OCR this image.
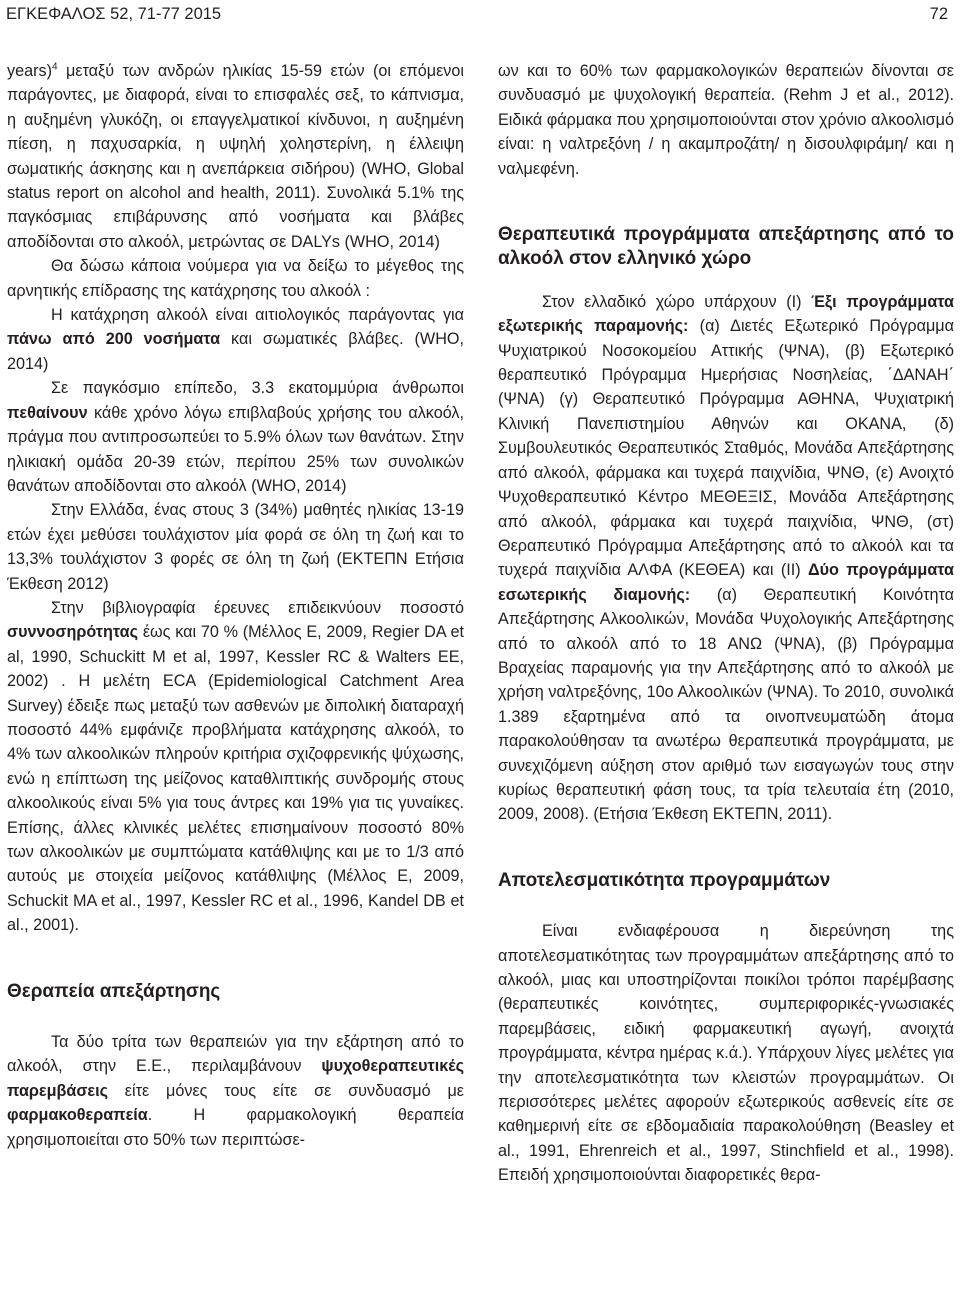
ΕΓΚΕΦΑΛΟΣ 52, 71-77 2015	72

years)$^4$ μεταξύ των ανδρών ηλικίας 15-59 ετών (οι επόμενοι παράγοντες, με διαφορά, είναι το επισφαλές σεξ, το κάπνισμα, η αυξημένη γλυκόζη, οι επαγγελματικοί κίνδυνοι, η αυξημένη πίεση, η παχυσαρκία, η υψηλή χοληστερίνη, η έλλειψη σωματικής άσκησης και η ανεπάρκεια σιδήρου) (WHO, Global status report on alcohol and health, 2011). Συνολικά 5.1% της παγκόσμιας επιβάρυνσης από νοσήματα και βλάβες αποδίδονται στο αλκοόλ, μετρώντας σε DALYs (WHO, 2014)

Θα δώσω κάποια νούμερα για να δείξω το μέγεθος της αρνητικής επίδρασης της κατάχρησης του αλκοόλ :

Η κατάχρηση αλκοόλ είναι αιτιολογικός παράγοντας για πάνω από 200 νοσήματα και σωματικές βλάβες. (WHO, 2014)

Σε παγκόσμιο επίπεδο, 3.3 εκατομμύρια άνθρωποι πεθαίνουν κάθε χρόνο λόγω επιβλαβούς χρήσης του αλκοόλ, πράγμα που αντιπροσωπεύει το 5.9% όλων των θανάτων. Στην ηλικιακή ομάδα 20-39 ετών, περίπου 25% των συνολικών θανάτων αποδίδονται στο αλκοόλ (WHO, 2014)

Στην Ελλάδα, ένας στους 3 (34%) μαθητές ηλικίας 13-19 ετών έχει μεθύσει τουλάχιστον μία φορά σε όλη τη ζωή και το 13,3% τουλάχιστον 3 φορές σε όλη τη ζωή (ΕΚΤΕΠΝ Ετήσια Έκθεση 2012)

Στην βιβλιογραφία έρευνες επιδεικνύουν ποσοστό συννοσηρότητας έως και 70 % (Μέλλος Ε, 2009, Regier DA et al, 1990, Schuckitt M et al, 1997, Kessler RC & Walters EE, 2002) . Η μελέτη ECA (Epidemiological Catchment Area Survey) έδειξε πως μεταξύ των ασθενών με διπολική διαταραχή ποσοστό 44% εμφάνιζε προβλήματα κατάχρησης αλκοόλ, το 4% των αλκοολικών πληρούν κριτήρια σχιζοφρενικής ψύχωσης, ενώ η επίπτωση της μείζονος καταθλιπτικής συνδρομής στους αλκοολικούς είναι 5% για τους άντρες και 19% για τις γυναίκες. Επίσης, άλλες κλινικές μελέτες επισημαίνουν ποσοστό 80% των αλκοολικών με συμπτώματα κατάθλιψης και με το 1/3 από αυτούς με στοιχεία μείζονος κατάθλιψης (Μέλλος Ε, 2009, Schuckit MA et al., 1997, Kessler RC et al., 1996, Kandel DB et al., 2001).

Θεραπεία απεξάρτησης

Τα δύο τρίτα των θεραπειών για την εξάρτηση από το αλκοόλ, στην Ε.Ε., περιλαμβάνουν ψυχοθεραπευτικές παρεμβάσεις είτε μόνες τους είτε σε συνδυασμό με φαρμακοθεραπεία. Η φαρμακολογική θεραπεία χρησιμοποιείται στο 50% των περιπτώσε-

ων και το 60% των φαρμακολογικών θεραπειών δίνονται σε συνδυασμό με ψυχολογική θεραπεία. (Rehm J et al., 2012). Ειδικά φάρμακα που χρησιμοποιούνται στον χρόνιο αλκοολισμό είναι: η ναλτρεξόνη / η ακαμπροζάτη/ η δισουλφιράμη/ και η ναλμεφένη.

Θεραπευτικά προγράμματα απεξάρτησης από το αλκοόλ στον ελληνικό χώρο

Στον ελλαδικό χώρο υπάρχουν (Ι) Έξι προγράμματα εξωτερικής παραμονής: (α) Διετές Εξωτερικό Πρόγραμμα Ψυχιατρικού Νοσοκομείου Αττικής (ΨΝΑ), (β) Εξωτερικό θεραπευτικό Πρόγραμμα Ημερήσιας Νοσηλείας, ΄ΔΑΝΑΗ΄ (ΨΝΑ) (γ) Θεραπευτικό Πρόγραμμα ΑΘΗΝΑ, Ψυχιατρική Κλινική Πανεπιστημίου Αθηνών και ΟΚΑΝΑ, (δ) Συμβουλευτικός Θεραπευτικός Σταθμός, Μονάδα Απεξάρτησης από αλκοόλ, φάρμακα και τυχερά παιχνίδια, ΨΝΘ, (ε) Ανοιχτό Ψυχοθεραπευτικό Κέντρο ΜΕΘΕΞΙΣ, Μονάδα Απεξάρτησης από αλκοόλ, φάρμακα και τυχερά παιχνίδια, ΨΝΘ, (στ) Θεραπευτικό Πρόγραμμα Απεξάρτησης από το αλκοόλ και τα τυχερά παιχνίδια ΑΛΦΑ (ΚΕΘΕΑ) και (ΙΙ) Δύο προγράμματα εσωτερικής διαμονής: (α) Θεραπευτική Κοινότητα Απεξάρτησης Αλκοολικών, Μονάδα Ψυχολογικής Απεξάρτησης από το αλκοόλ από το 18 ΑΝΩ (ΨΝΑ), (β) Πρόγραμμα Βραχείας παραμονής για την Απεξάρτησης από το αλκοόλ με χρήση ναλτρεξόνης, 10ο Αλκοολικών (ΨΝΑ). Το 2010, συνολικά 1.389 εξαρτημένα από τα οινοπνευματώδη άτομα παρακολούθησαν τα ανωτέρω θεραπευτικά προγράμματα, με συνεχιζόμενη αύξηση στον αριθμό των εισαγωγών τους στην κυρίως θεραπευτική φάση τους, τα τρία τελευταία έτη (2010, 2009, 2008). (Ετήσια Έκθεση ΕΚΤΕΠΝ, 2011).

Αποτελεσματικότητα προγραμμάτων

Είναι ενδιαφέρουσα η διερεύνηση της αποτελεσματικότητας των προγραμμάτων απεξάρτησης από το αλκοόλ, μιας και υποστηρίζονται ποικίλοι τρόποι παρέμβασης (θεραπευτικές κοινότητες, συμπεριφορικές-γνωσιακές παρεμβάσεις, ειδική φαρμακευτική αγωγή, ανοιχτά προγράμματα, κέντρα ημέρας κ.ά.). Υπάρχουν λίγες μελέτες για την αποτελεσματικότητα των κλειστών προγραμμάτων. Οι περισσότερες μελέτες αφορούν εξωτερικούς ασθενείς είτε σε καθημερινή είτε σε εβδομαδιαία παρακολούθηση (Beasley et al., 1991, Ehrenreich et al., 1997, Stinchfield et al., 1998). Επειδή χρησιμοποιούνται διαφορετικές θερα-
